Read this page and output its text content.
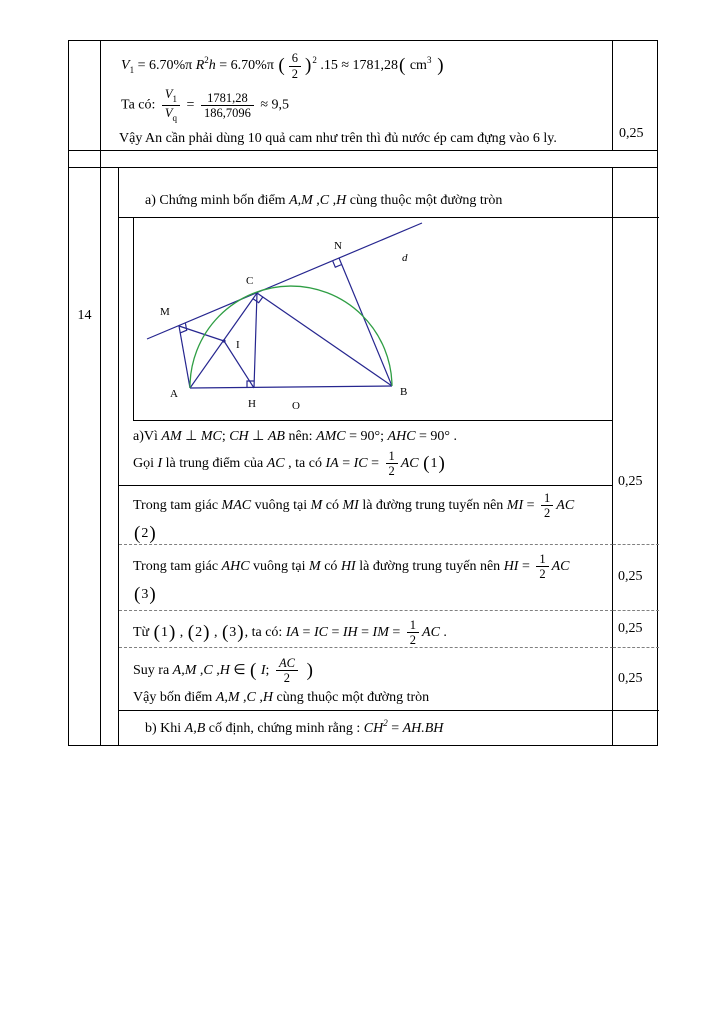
$V_1 = 6.70\%\pi$ $R^2h = 6.70\%\pi$ ( $\frac{6}{2} )^2$ .15 ≈ 1781,28( $cm^3$ )
Ta có: $\frac{V_1}{V_q} = \frac{1781,28}{186,7096} \approx 9,5$
Vậy An cần phải dùng 10 quả cam như trên thì đủ nước ép cam đựng vào 6 ly.	0,25
14
a) Chứng minh bốn điểm A,M ,C ,H cùng thuộc một đường tròn
A	B
C
M
N
H	O
I
d
a)Vì AM ⊥ MC; CH ⊥ AB nên: AMC = 90°; AHC = 90° .
Gọi I là trung điểm của AC , ta có IA = IC = $\frac{1}{2}$ AC (1)
Trong tam giác MAC vuông tại M có MI là đường trung tuyến nên MI = $\frac{1}{2}$ AC
(2)
0,25
Trong tam giác AHC vuông tại M có HI là đường trung tuyến nên HI = $\frac{1}{2}$ AC
(3)
0,25
Từ (1) , (2) , (3), ta có: IA = IC = IH = IM = $\frac{1}{2}$ AC .	0,25
Suy ra A,M ,C ,H ∈ ( I; $\frac{AC}{2}$ )
Vậy bốn điểm A,M ,C ,H cùng thuộc một đường tròn
0,25
b) Khi A,B cố định, chứng minh rằng : $CH^2 = AH.BH$
